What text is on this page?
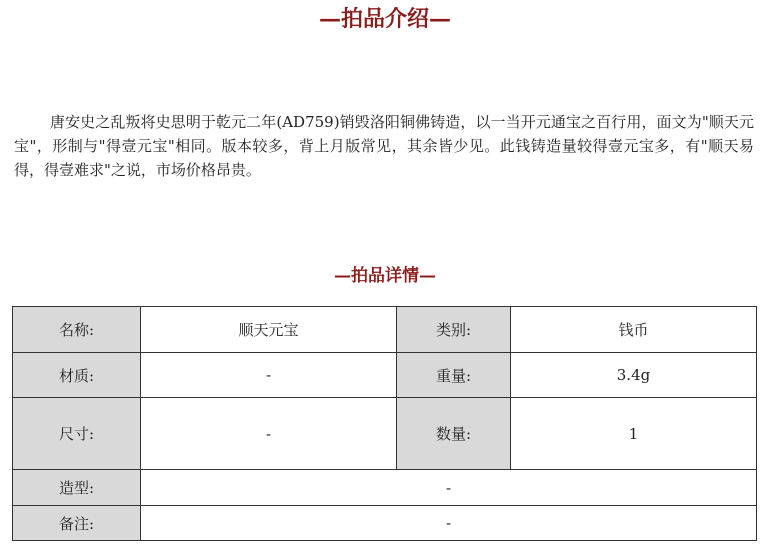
—拍品介绍—

唐安史之乱叛将史思明于乾元二年(AD759)销毁洛阳铜佛铸造，以一当开元通宝之百行用，面文为"顺天元宝"，形制与"得壹元宝"相同。版本较多，背上月版常见，其余皆少见。此钱铸造量较得壹元宝多，有"顺天易得，得壹难求"之说，市场价格昂贵。

—拍品详情—
名称:	顺天元宝	类别:	钱币
材质:	-	重量:	3.4g
尺寸:	-	数量:	1
造型:	-		
备注:	-		
